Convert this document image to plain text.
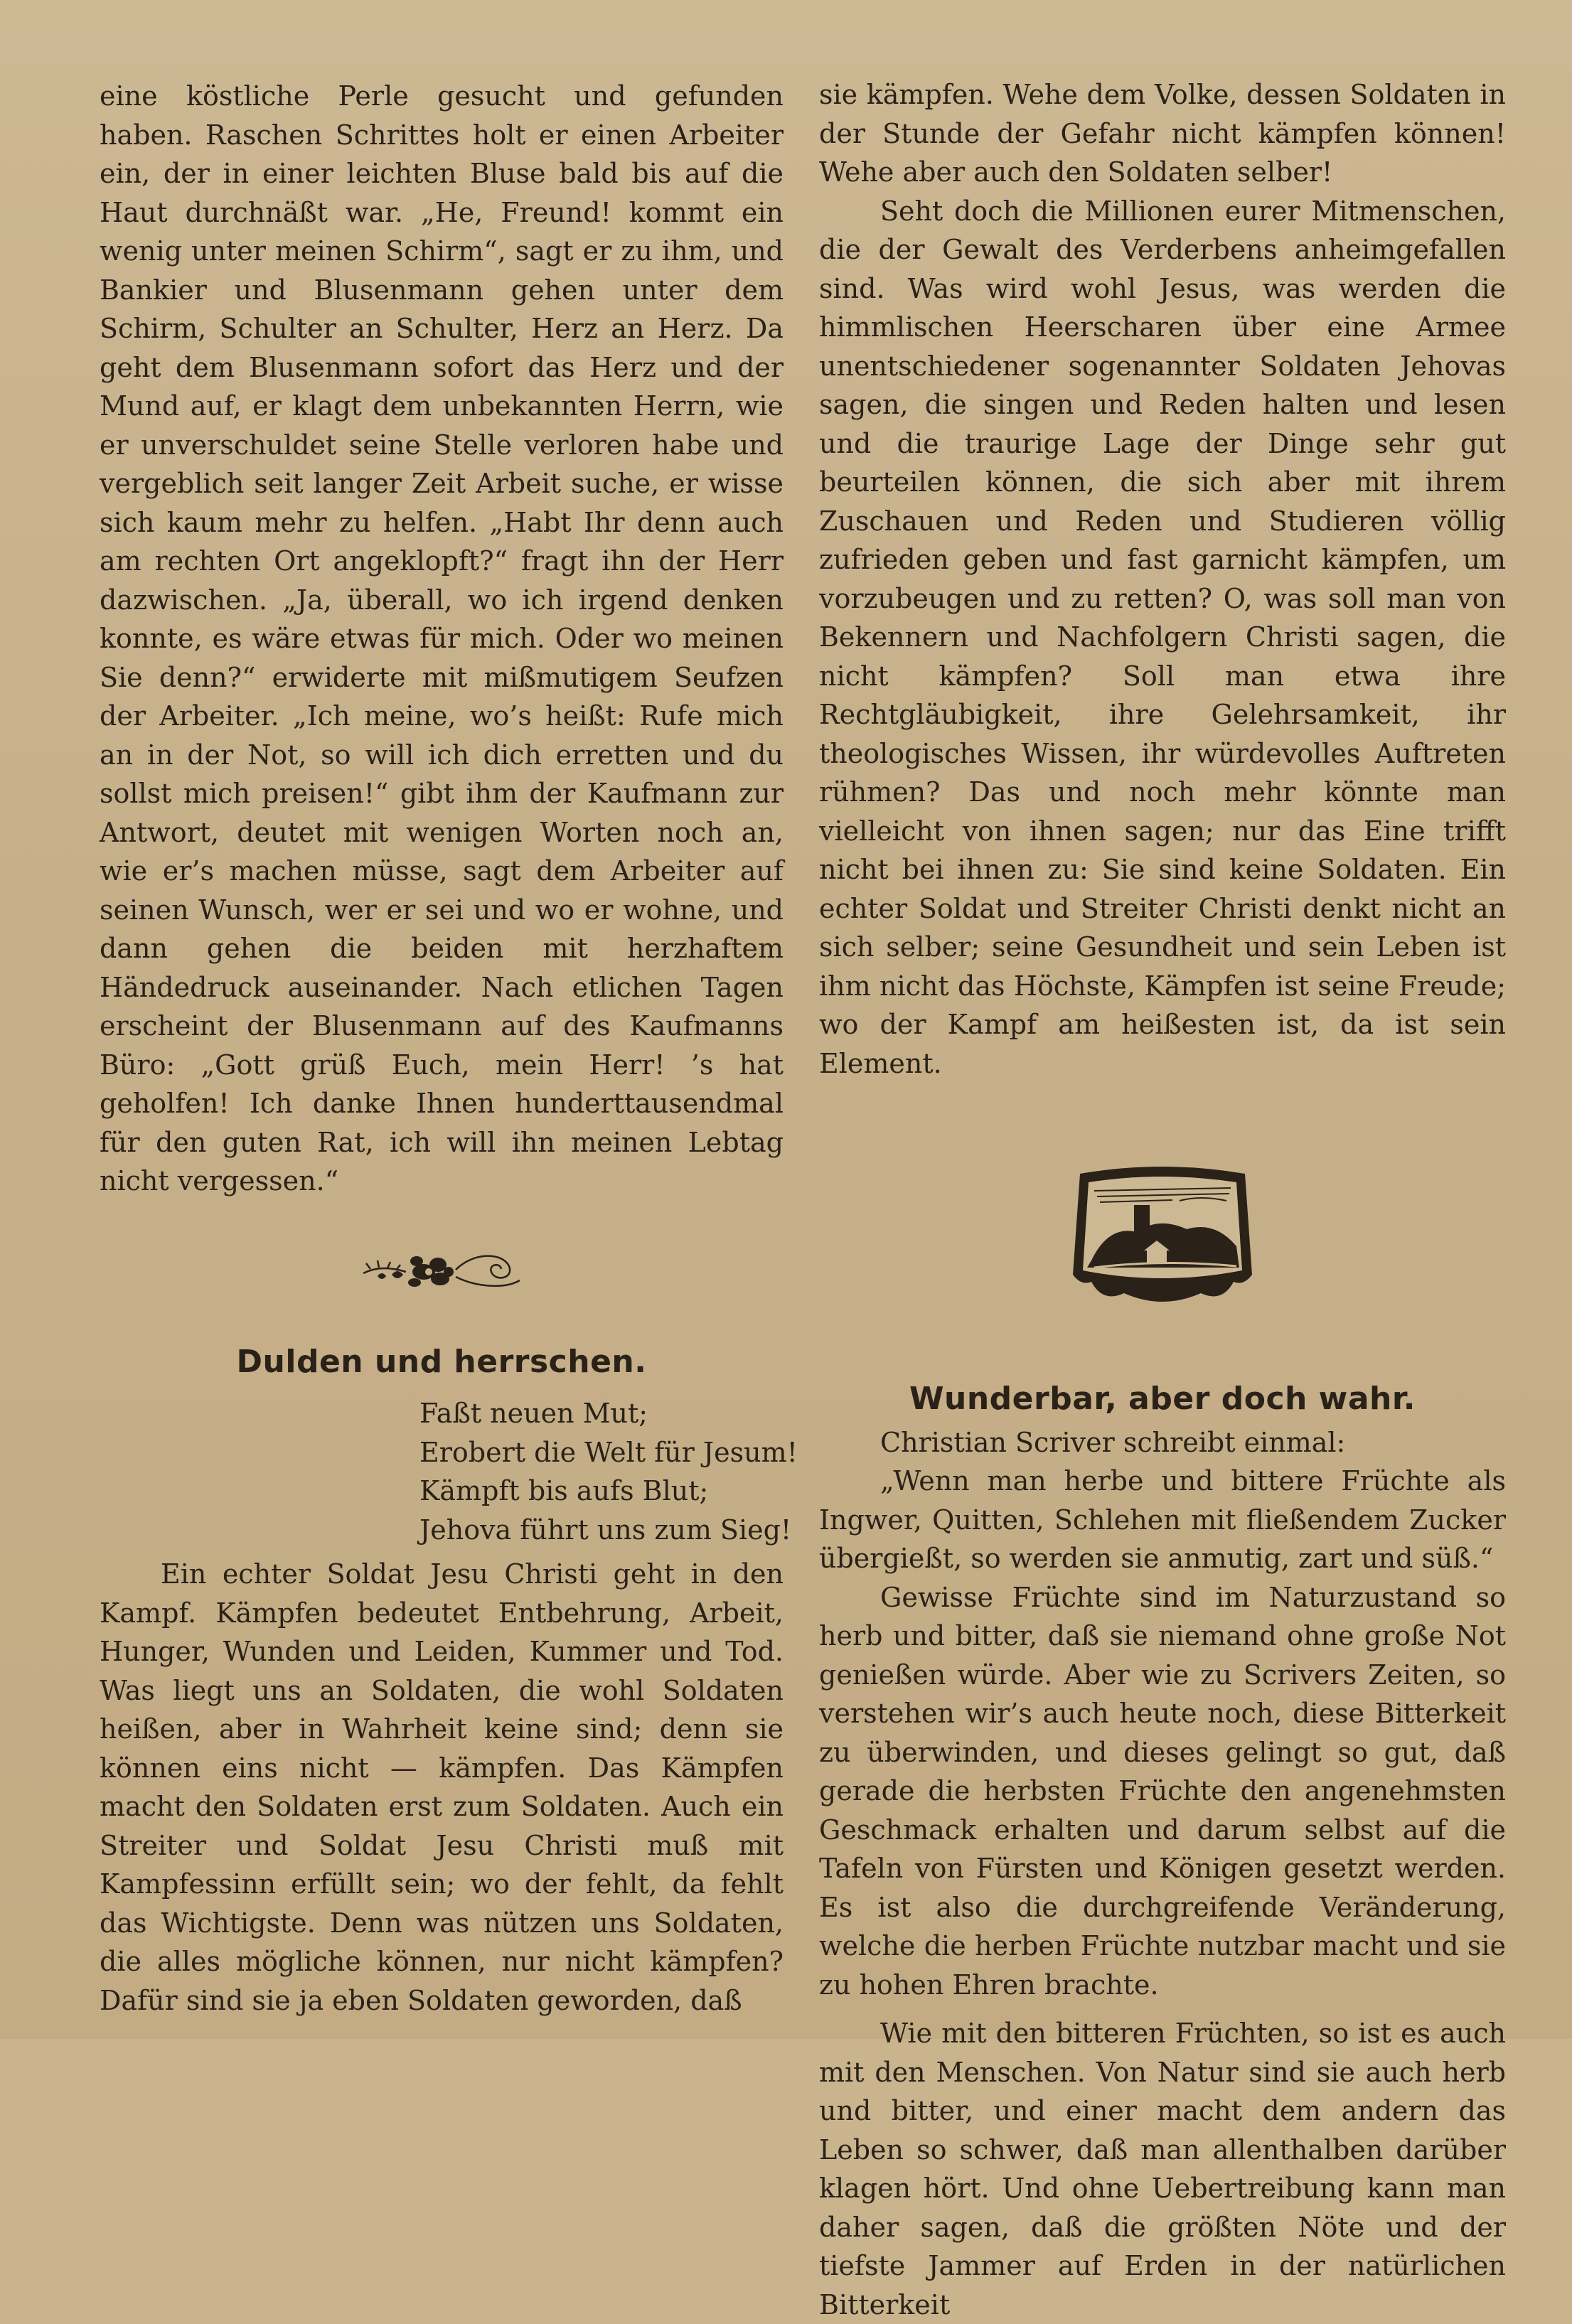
eine köstliche Perle gesucht und gefunden haben. Raschen Schrittes holt er einen Arbeiter ein, der in einer leichten Bluse bald bis auf die Haut durchnäßt war. „He, Freund! kommt ein wenig unter meinen Schirm“, sagt er zu ihm, und Bankier und Blusenmann gehen unter dem Schirm, Schulter an Schulter, Herz an Herz. Da geht dem Blusenmann sofort das Herz und der Mund auf, er klagt dem unbekannten Herrn, wie er unverschuldet seine Stelle verloren habe und vergeblich seit langer Zeit Arbeit suche, er wisse sich kaum mehr zu helfen. „Habt Ihr denn auch am rechten Ort angeklopft?“ fragt ihn der Herr dazwischen. „Ja, überall, wo ich irgend denken konnte, es wäre etwas für mich. Oder wo meinen Sie denn?“ erwiderte mit mißmutigem Seufzen der Arbeiter. „Ich meine, wo’s heißt: Rufe mich an in der Not, so will ich dich erretten und du sollst mich preisen!“ gibt ihm der Kaufmann zur Antwort, deutet mit wenigen Worten noch an, wie er’s machen müsse, sagt dem Arbeiter auf seinen Wunsch, wer er sei und wo er wohne, und dann gehen die beiden mit herzhaftem Händedruck auseinander. Nach etlichen Tagen erscheint der Blusenmann auf des Kaufmanns Büro: „Gott grüß Euch, mein Herr! ’s hat geholfen! Ich danke Ihnen hunderttausendmal für den guten Rat, ich will ihn meinen Lebtag nicht vergessen.“

Dulden und herrschen.

Faßt neuen Mut;
Erobert die Welt für Jesum!
Kämpft bis aufs Blut;
Jehova führt uns zum Sieg!

Ein echter Soldat Jesu Christi geht in den Kampf. Kämpfen bedeutet Entbehrung, Arbeit, Hunger, Wunden und Leiden, Kummer und Tod. Was liegt uns an Soldaten, die wohl Soldaten heißen, aber in Wahrheit keine sind; denn sie können eins nicht — kämpfen. Das Kämpfen macht den Soldaten erst zum Soldaten. Auch ein Streiter und Soldat Jesu Christi muß mit Kampfessinn erfüllt sein; wo der fehlt, da fehlt das Wichtigste. Denn was nützen uns Soldaten, die alles mögliche können, nur nicht kämpfen? Dafür sind sie ja eben Soldaten geworden, daß

sie kämpfen. Wehe dem Volke, dessen Soldaten in der Stunde der Gefahr nicht kämpfen können! Wehe aber auch den Soldaten selber!

Seht doch die Millionen eurer Mitmenschen, die der Gewalt des Verderbens anheimgefallen sind. Was wird wohl Jesus, was werden die himmlischen Heerscharen über eine Armee unentschiedener sogenannter Soldaten Jehovas sagen, die singen und Reden halten und lesen und die traurige Lage der Dinge sehr gut beurteilen können, die sich aber mit ihrem Zuschauen und Reden und Studieren völlig zufrieden geben und fast garnicht kämpfen, um vorzubeugen und zu retten? O, was soll man von Bekennern und Nachfolgern Christi sagen, die nicht kämpfen? Soll man etwa ihre Rechtgläubigkeit, ihre Gelehrsamkeit, ihr theologisches Wissen, ihr würdevolles Auftreten rühmen? Das und noch mehr könnte man vielleicht von ihnen sagen; nur das Eine trifft nicht bei ihnen zu: Sie sind keine Soldaten. Ein echter Soldat und Streiter Christi denkt nicht an sich selber; seine Gesundheit und sein Leben ist ihm nicht das Höchste, Kämpfen ist seine Freude; wo der Kampf am heißesten ist, da ist sein Element.

Wunderbar, aber doch wahr.

Christian Scriver schreibt einmal:

„Wenn man herbe und bittere Früchte als Ingwer, Quitten, Schlehen mit fließendem Zucker übergießt, so werden sie anmutig, zart und süß.“

Gewisse Früchte sind im Naturzustand so herb und bitter, daß sie niemand ohne große Not genießen würde. Aber wie zu Scrivers Zeiten, so verstehen wir’s auch heute noch, diese Bitterkeit zu überwinden, und dieses gelingt so gut, daß gerade die herbsten Früchte den angenehmsten Geschmack erhalten und darum selbst auf die Tafeln von Fürsten und Königen gesetzt werden. Es ist also die durchgreifende Veränderung, welche die herben Früchte nutzbar macht und sie zu hohen Ehren brachte.

Wie mit den bitteren Früchten, so ist es auch mit den Menschen. Von Natur sind sie auch herb und bitter, und einer macht dem andern das Leben so schwer, daß man allenthalben darüber klagen hört. Und ohne Uebertreibung kann man daher sagen, daß die größten Nöte und der tiefste Jammer auf Erden in der natürlichen Bitterkeit
